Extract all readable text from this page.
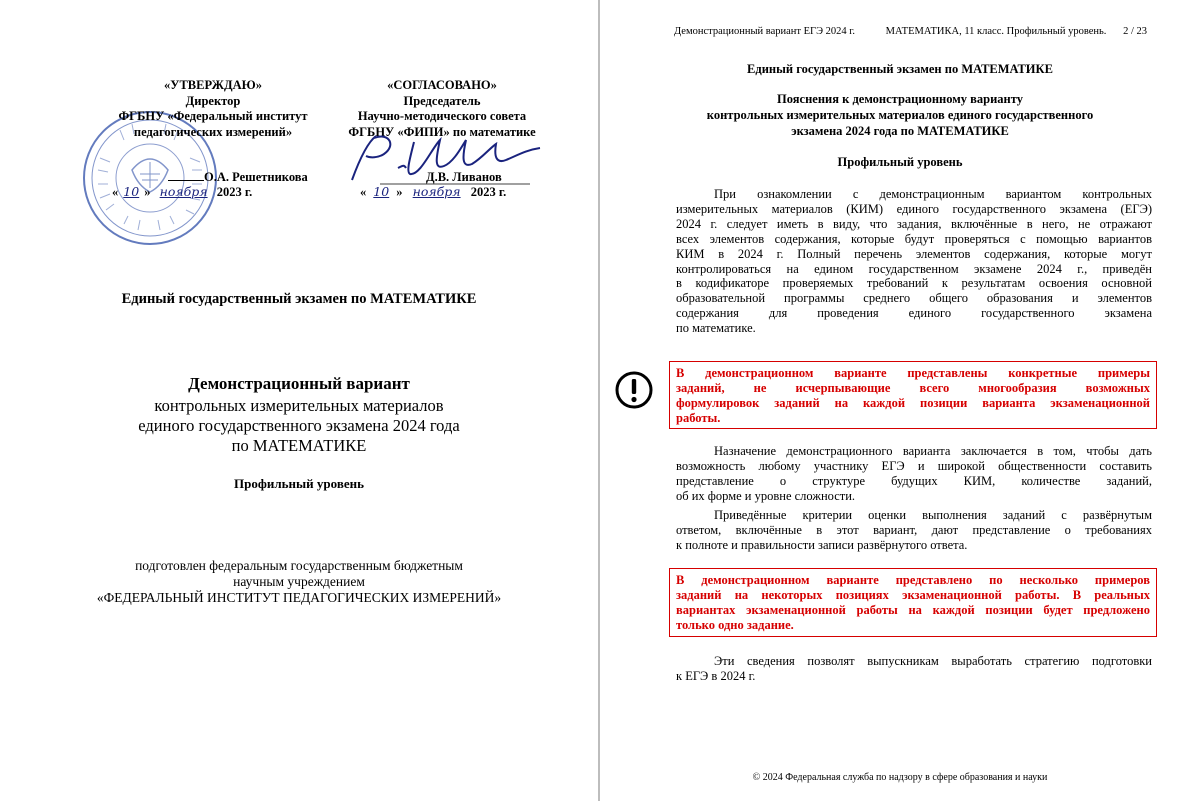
«УТВЕРЖДАЮ»
Директор
ФГБНУ «Федеральный институт
педагогических измерений»
О.А. Решетникова
« 10 » ноября 2023 г.
«СОГЛАСОВАНО»
Председатель
Научно-методического совета
ФГБНУ «ФИПИ» по математике
Д.В. Ливанов
« 10 » ноября 2023 г.
Единый государственный экзамен по МАТЕМАТИКЕ
Демонстрационный вариант
контрольных измерительных материалов
единого государственного экзамена 2024 года
по МАТЕМАТИКЕ
Профильный уровень
подготовлен федеральным государственным бюджетным
научным учреждением
«ФЕДЕРАЛЬНЫЙ ИНСТИТУТ ПЕДАГОГИЧЕСКИХ ИЗМЕРЕНИЙ»
Демонстрационный вариант ЕГЭ 2024 г.	МАТЕМАТИКА, 11 класс. Профильный уровень. 2 / 23
Единый государственный экзамен по МАТЕМАТИКЕ
Пояснения к демонстрационному варианту
контрольных измерительных материалов единого государственного
экзамена 2024 года по МАТЕМАТИКЕ
Профильный уровень
При ознакомлении с демонстрационным вариантом контрольных
измерительных материалов (КИМ) единого государственного экзамена (ЕГЭ)
2024 г. следует иметь в виду, что задания, включённые в него, не отражают
всех элементов содержания, которые будут проверяться с помощью вариантов
КИМ в 2024 г. Полный перечень элементов содержания, которые могут
контролироваться на едином государственном экзамене 2024 г., приведён
в кодификаторе проверяемых требований к результатам освоения основной
образовательной программы среднего общего образования и элементов
содержания для проведения единого государственного экзамена
по математике.
В демонстрационном варианте представлены конкретные примеры
заданий, не исчерпывающие всего многообразия возможных
формулировок заданий на каждой позиции варианта экзаменационной
работы.
Назначение демонстрационного варианта заключается в том, чтобы дать
возможность любому участнику ЕГЭ и широкой общественности составить
представление о структуре будущих КИМ, количестве заданий,
об их форме и уровне сложности.
Приведённые критерии оценки выполнения заданий с развёрнутым
ответом, включённые в этот вариант, дают представление о требованиях
к полноте и правильности записи развёрнутого ответа.
В демонстрационном варианте представлено по несколько примеров
заданий на некоторых позициях экзаменационной работы. В реальных
вариантах экзаменационной работы на каждой позиции будет предложено
только одно задание.
Эти сведения позволят выпускникам выработать стратегию подготовки
к ЕГЭ в 2024 г.
© 2024 Федеральная служба по надзору в сфере образования и науки
